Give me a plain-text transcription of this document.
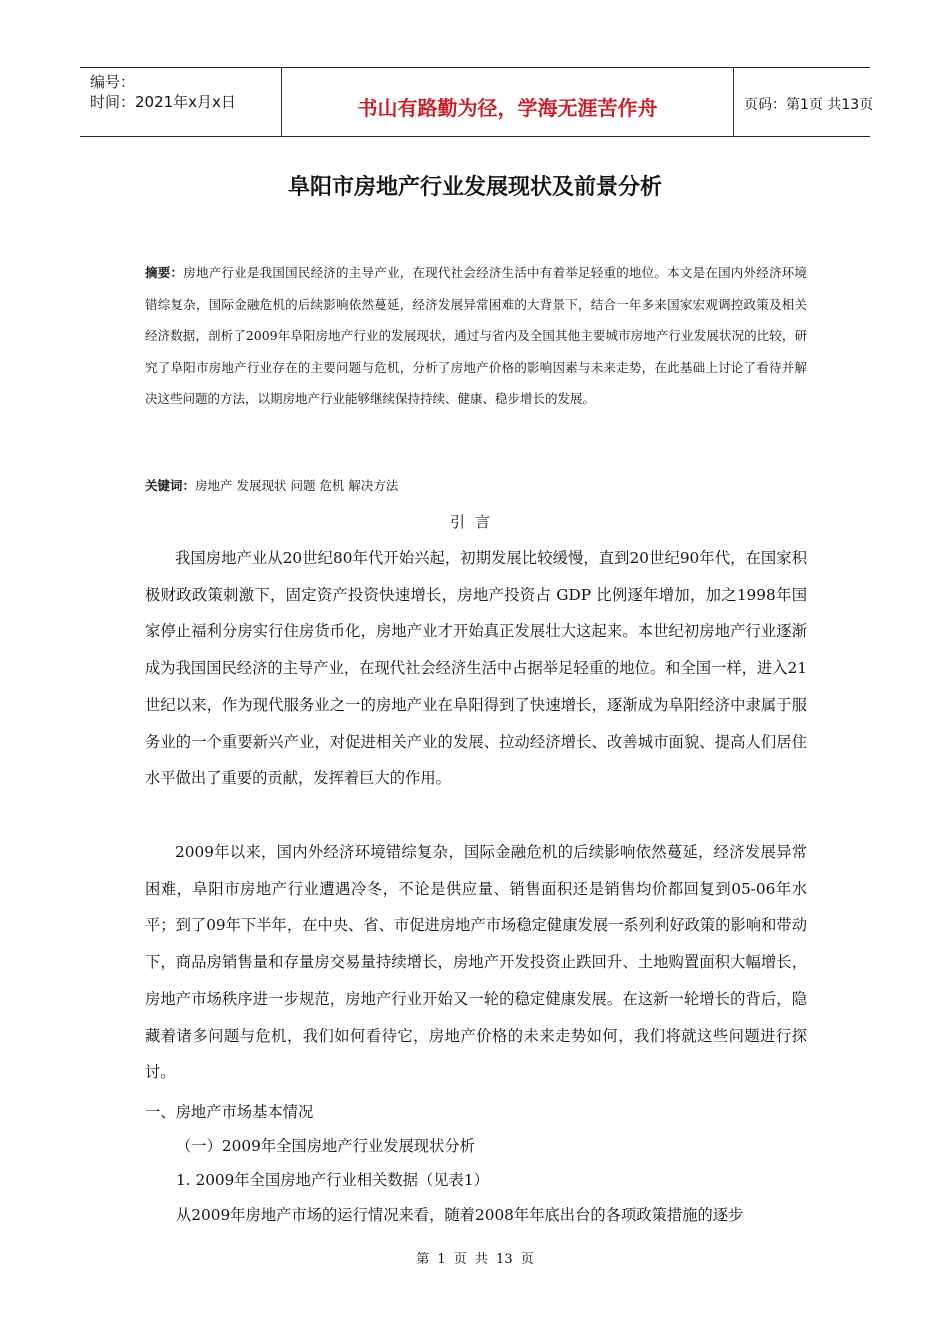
编号：
时间：2021年x月x日	书山有路勤为径，学海无涯苦作舟	页码：第1页 共13页
阜阳市房地产行业发展现状及前景分析
摘要：房地产行业是我国国民经济的主导产业，在现代社会经济生活中有着举足轻重的地位。本文是在国内外经济环境错综复杂，国际金融危机的后续影响依然蔓延，经济发展异常困难的大背景下，结合一年多来国家宏观调控政策及相关经济数据，剖析了2009年阜阳房地产行业的发展现状，通过与省内及全国其他主要城市房地产行业发展状况的比较，研究了阜阳市房地产行业存在的主要问题与危机，分析了房地产价格的影响因素与未来走势，在此基础上讨论了看待并解决这些问题的方法，以期房地产行业能够继续保持持续、健康、稳步增长的发展。
关键词：房地产 发展现状 问题 危机 解决方法
引言
我国房地产业从20世纪80年代开始兴起，初期发展比较缓慢，直到20世纪90年代，在国家积极财政政策刺激下，固定资产投资快速增长，房地产投资占 GDP 比例逐年增加，加之1998年国家停止福利分房实行住房货币化，房地产业才开始真正发展壮大这起来。本世纪初房地产行业逐渐成为我国国民经济的主导产业，在现代社会经济生活中占据举足轻重的地位。和全国一样，进入21世纪以来，作为现代服务业之一的房地产业在阜阳得到了快速增长，逐渐成为阜阳经济中隶属于服务业的一个重要新兴产业，对促进相关产业的发展、拉动经济增长、改善城市面貌、提高人们居住水平做出了重要的贡献，发挥着巨大的作用。
2009年以来，国内外经济环境错综复杂，国际金融危机的后续影响依然蔓延，经济发展异常困难，阜阳市房地产行业遭遇冷冬，不论是供应量、销售面积还是销售均价都回复到05-06年水平；到了09年下半年，在中央、省、市促进房地产市场稳定健康发展一系列利好政策的影响和带动下，商品房销售量和存量房交易量持续增长，房地产开发投资止跌回升、土地购置面积大幅增长，房地产市场秩序进一步规范，房地产行业开始又一轮的稳定健康发展。在这新一轮增长的背后，隐藏着诸多问题与危机，我们如何看待它，房地产价格的未来走势如何，我们将就这些问题进行探讨。
一、房地产市场基本情况
（一）2009年全国房地产行业发展现状分析
1. 2009年全国房地产行业相关数据（见表1）
从2009年房地产市场的运行情况来看，随着2008年年底出台的各项政策措施的逐步
第 1 页 共 13 页
